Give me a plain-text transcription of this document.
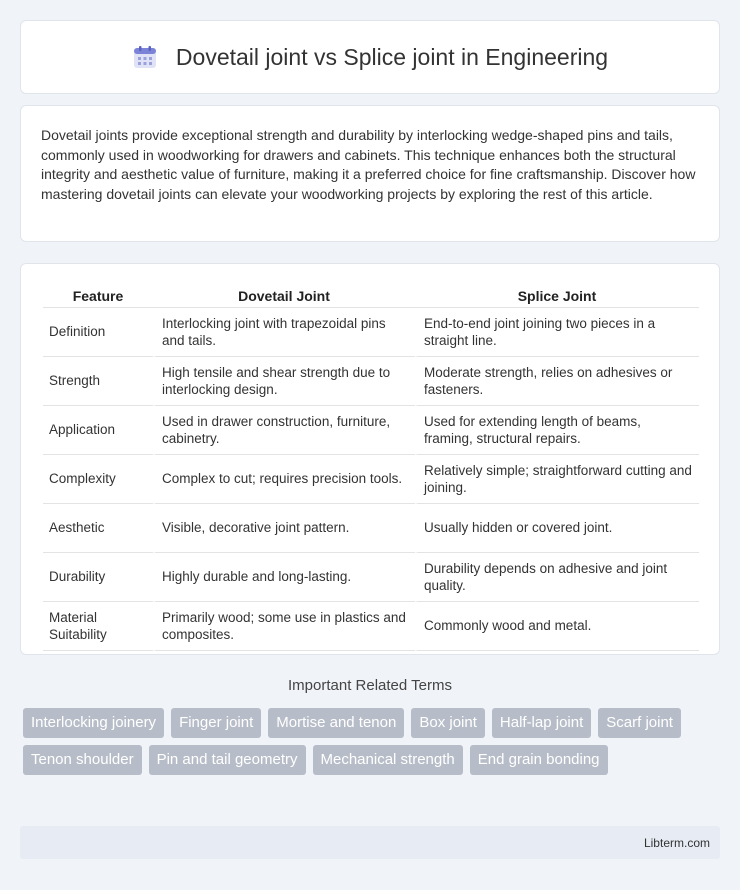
Dovetail joint vs Splice joint in Engineering

Dovetail joints provide exceptional strength and durability by interlocking wedge-shaped pins and tails, commonly used in woodworking for drawers and cabinets. This technique enhances both the structural integrity and aesthetic value of furniture, making it a preferred choice for fine craftsmanship. Discover how mastering dovetail joints can elevate your woodworking projects by exploring the rest of this article.

Feature	Dovetail Joint	Splice Joint
Definition	Interlocking joint with trapezoidal pins and tails.	End-to-end joint joining two pieces in a straight line.
Strength	High tensile and shear strength due to interlocking design.	Moderate strength, relies on adhesives or fasteners.
Application	Used in drawer construction, furniture, cabinetry.	Used for extending length of beams, framing, structural repairs.
Complexity	Complex to cut; requires precision tools.	Relatively simple; straightforward cutting and joining.
Aesthetic	Visible, decorative joint pattern.	Usually hidden or covered joint.
Durability	Highly durable and long-lasting.	Durability depends on adhesive and joint quality.
Material Suitability	Primarily wood; some use in plastics and composites.	Commonly wood and metal.
Important Related Terms
Interlocking joinery	Finger joint	Mortise and tenon	Box joint	Half-lap joint	Scarf joint
Tenon shoulder	Pin and tail geometry	Mechanical strength	End grain bonding
Libterm.com
